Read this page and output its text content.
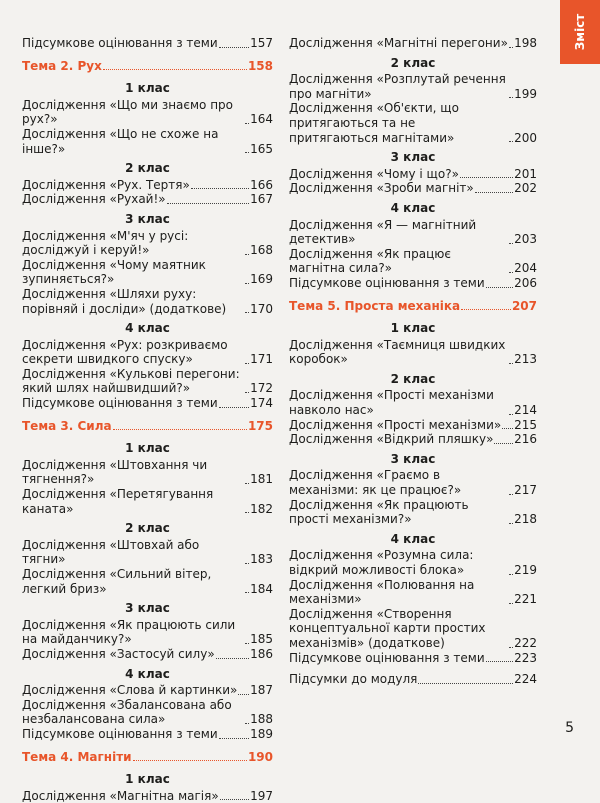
Зміст
Підсумкове оцінювання з теми	157
Тема 2. Рух	158
1 клас
Дослідження «Що ми знаємо про рух?»	164
Дослідження «Що не схоже на інше?»	165
2 клас
Дослідження «Рух. Тертя»	166
Дослідження «Рухай!»	167
3 клас
Дослідження «М'яч у русі: досліджуй і керуй!»	168
Дослідження «Чому маятник зупиняється?»	169
Дослідження «Шляхи руху: порівняй і досліди» (додаткове)	170
4 клас
Дослідження «Рух: розкриваємо секрети швидкого спуску»	171
Дослідження «Кулькові перегони: який шлях найшвидший?»	172
Підсумкове оцінювання з теми	174
Тема 3. Сила	175
1 клас
Дослідження «Штовхання чи тягнення?»	181
Дослідження «Перетягування каната»	182
2 клас
Дослідження «Штовхай або тягни»	183
Дослідження «Сильний вітер, легкий бриз»	184
3 клас
Дослідження «Як працюють сили на майданчику?»	185
Дослідження «Застосуй силу»	186
4 клас
Дослідження «Слова й картинки» 187
Дослідження «Збалансована або незбалансована сила»	188
Підсумкове оцінювання з теми	189
Тема 4. Магніти	190
1 клас
Дослідження «Магнітна магія»	197
Дослідження «Магнітні перегони» 198
2 клас
Дослідження «Розплутай речення про магніти»	199
Дослідження «Об'єкти, що притягаються та не притягаються магнітами»	200
3 клас
Дослідження «Чому і що?»	201
Дослідження «Зроби магніт»	202
4 клас
Дослідження «Я — магнітний детектив»	203
Дослідження «Як працює магнітна сила?»	204
Підсумкове оцінювання з теми 206
Тема 5. Проста механіка	207
1 клас
Дослідження «Таємниця швидких коробок»	213
2 клас
Дослідження «Прості механізми навколо нас»	214
Дослідження «Прості механізми» 215
Дослідження «Відкрий пляшку» 216
3 клас
Дослідження «Граємо в механізми: як це працює?»	217
Дослідження «Як працюють прості механізми?»	218
4 клас
Дослідження «Розумна сила: відкрий можливості блока»	219
Дослідження «Полювання на механізми»	221
Дослідження «Створення концептуальної карти простих механізмів» (додаткове)	222
Підсумкове оцінювання з теми 223
Підсумки до модуля	224
5
